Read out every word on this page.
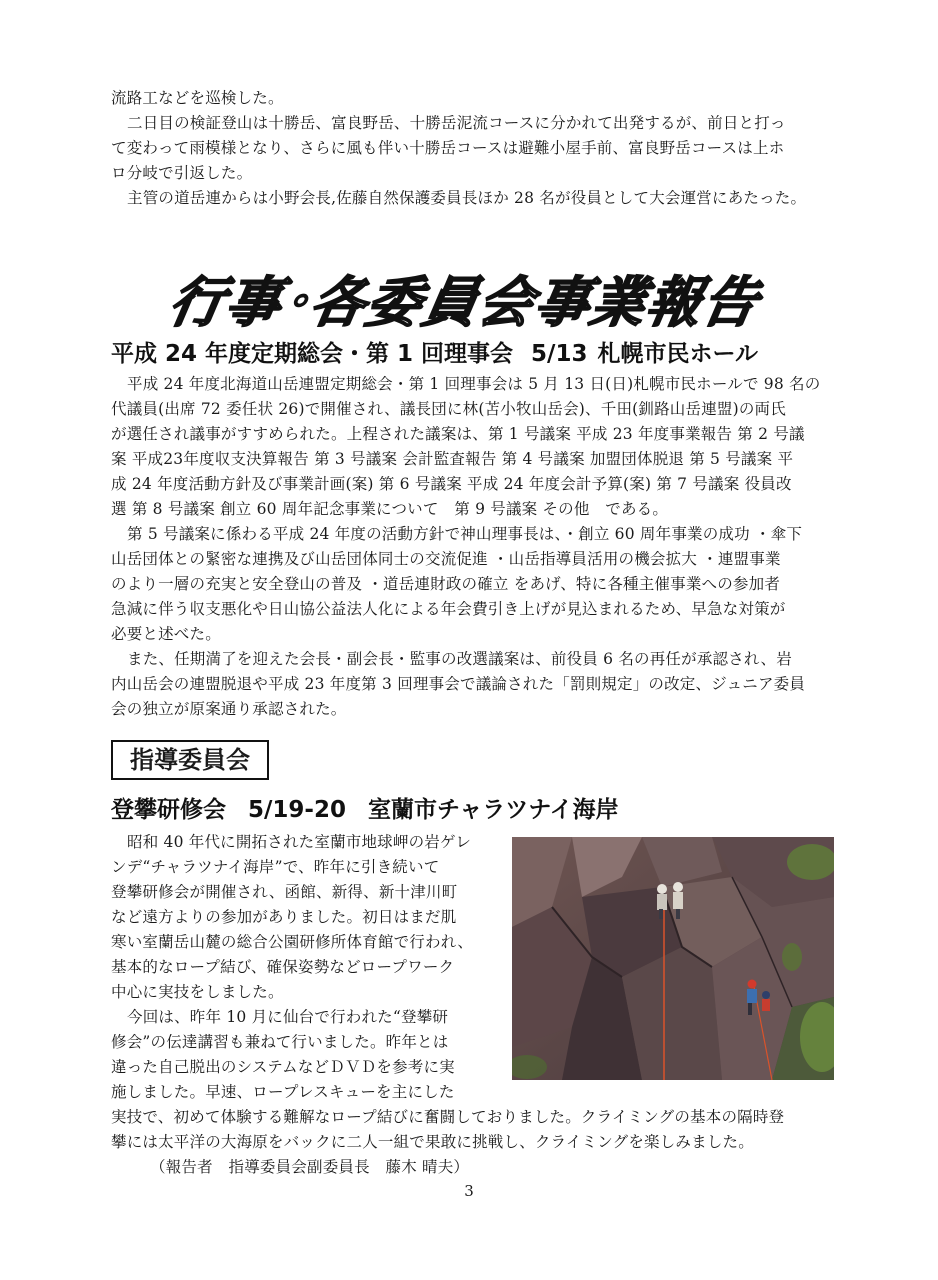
流路工などを巡検した。
二日目の検証登山は十勝岳、富良野岳、十勝岳泥流コースに分かれて出発するが、前日と打っ
て変わって雨模様となり、さらに風も伴い十勝岳コースは避難小屋手前、富良野岳コースは上ホ
ロ分岐で引返した。
主管の道岳連からは小野会長,佐藤自然保護委員長ほか 28 名が役員として大会運営にあたった。
行事･各委員会事業報告
平成 24 年度定期総会・第 1 回理事会 5/13 札幌市民ホール
平成 24 年度北海道山岳連盟定期総会・第 1 回理事会は 5 月 13 日(日)札幌市民ホールで 98 名の
代議員(出席 72 委任状 26)で開催され、議長団に林(苫小牧山岳会)、千田(釧路山岳連盟)の両氏
が選任され議事がすすめられた。上程された議案は、第 1 号議案 平成 23 年度事業報告 第 2 号議
案 平成23年度収支決算報告 第 3 号議案 会計監査報告 第 4 号議案 加盟団体脱退 第 5 号議案 平
成 24 年度活動方針及び事業計画(案) 第 6 号議案 平成 24 年度会計予算(案) 第 7 号議案 役員改
選 第 8 号議案 創立 60 周年記念事業について　第 9 号議案 その他　である。
第 5 号議案に係わる平成 24 年度の活動方針で神山理事長は、・創立 60 周年事業の成功 ・傘下
山岳団体との緊密な連携及び山岳団体同士の交流促進 ・山岳指導員活用の機会拡大 ・連盟事業
のより一層の充実と安全登山の普及 ・道岳連財政の確立 をあげ、特に各種主催事業への参加者
急減に伴う収支悪化や日山協公益法人化による年会費引き上げが見込まれるため、早急な対策が
必要と述べた。
また、任期満了を迎えた会長・副会長・監事の改選議案は、前役員 6 名の再任が承認され、岩
内山岳会の連盟脱退や平成 23 年度第 3 回理事会で議論された「罰則規定」の改定、ジュニア委員
会の独立が原案通り承認された。
指導委員会
登攀研修会 5/19-20 室蘭市チャラツナイ海岸
昭和 40 年代に開拓された室蘭市地球岬の岩ゲレ
ンデ“チャラツナイ海岸”で、昨年に引き続いて
登攀研修会が開催され、函館、新得、新十津川町
など遠方よりの参加がありました。初日はまだ肌
寒い室蘭岳山麓の総合公園研修所体育館で行われ、
基本的なロープ結び、確保姿勢などロープワーク
中心に実技をしました。
今回は、昨年 10 月に仙台で行われた“登攀研
修会”の伝達講習も兼ねて行いました。昨年とは
違った自己脱出のシステムなどＤＶＤを参考に実
施しました。早速、ロープレスキューを主にした
実技で、初めて体験する難解なロープ結びに奮闘しておりました。クライミングの基本の隔時登
攀には太平洋の大海原をバックに二人一組で果敢に挑戦し、クライミングを楽しみました。
（報告者　指導委員会副委員長　藤木 晴夫）
3
